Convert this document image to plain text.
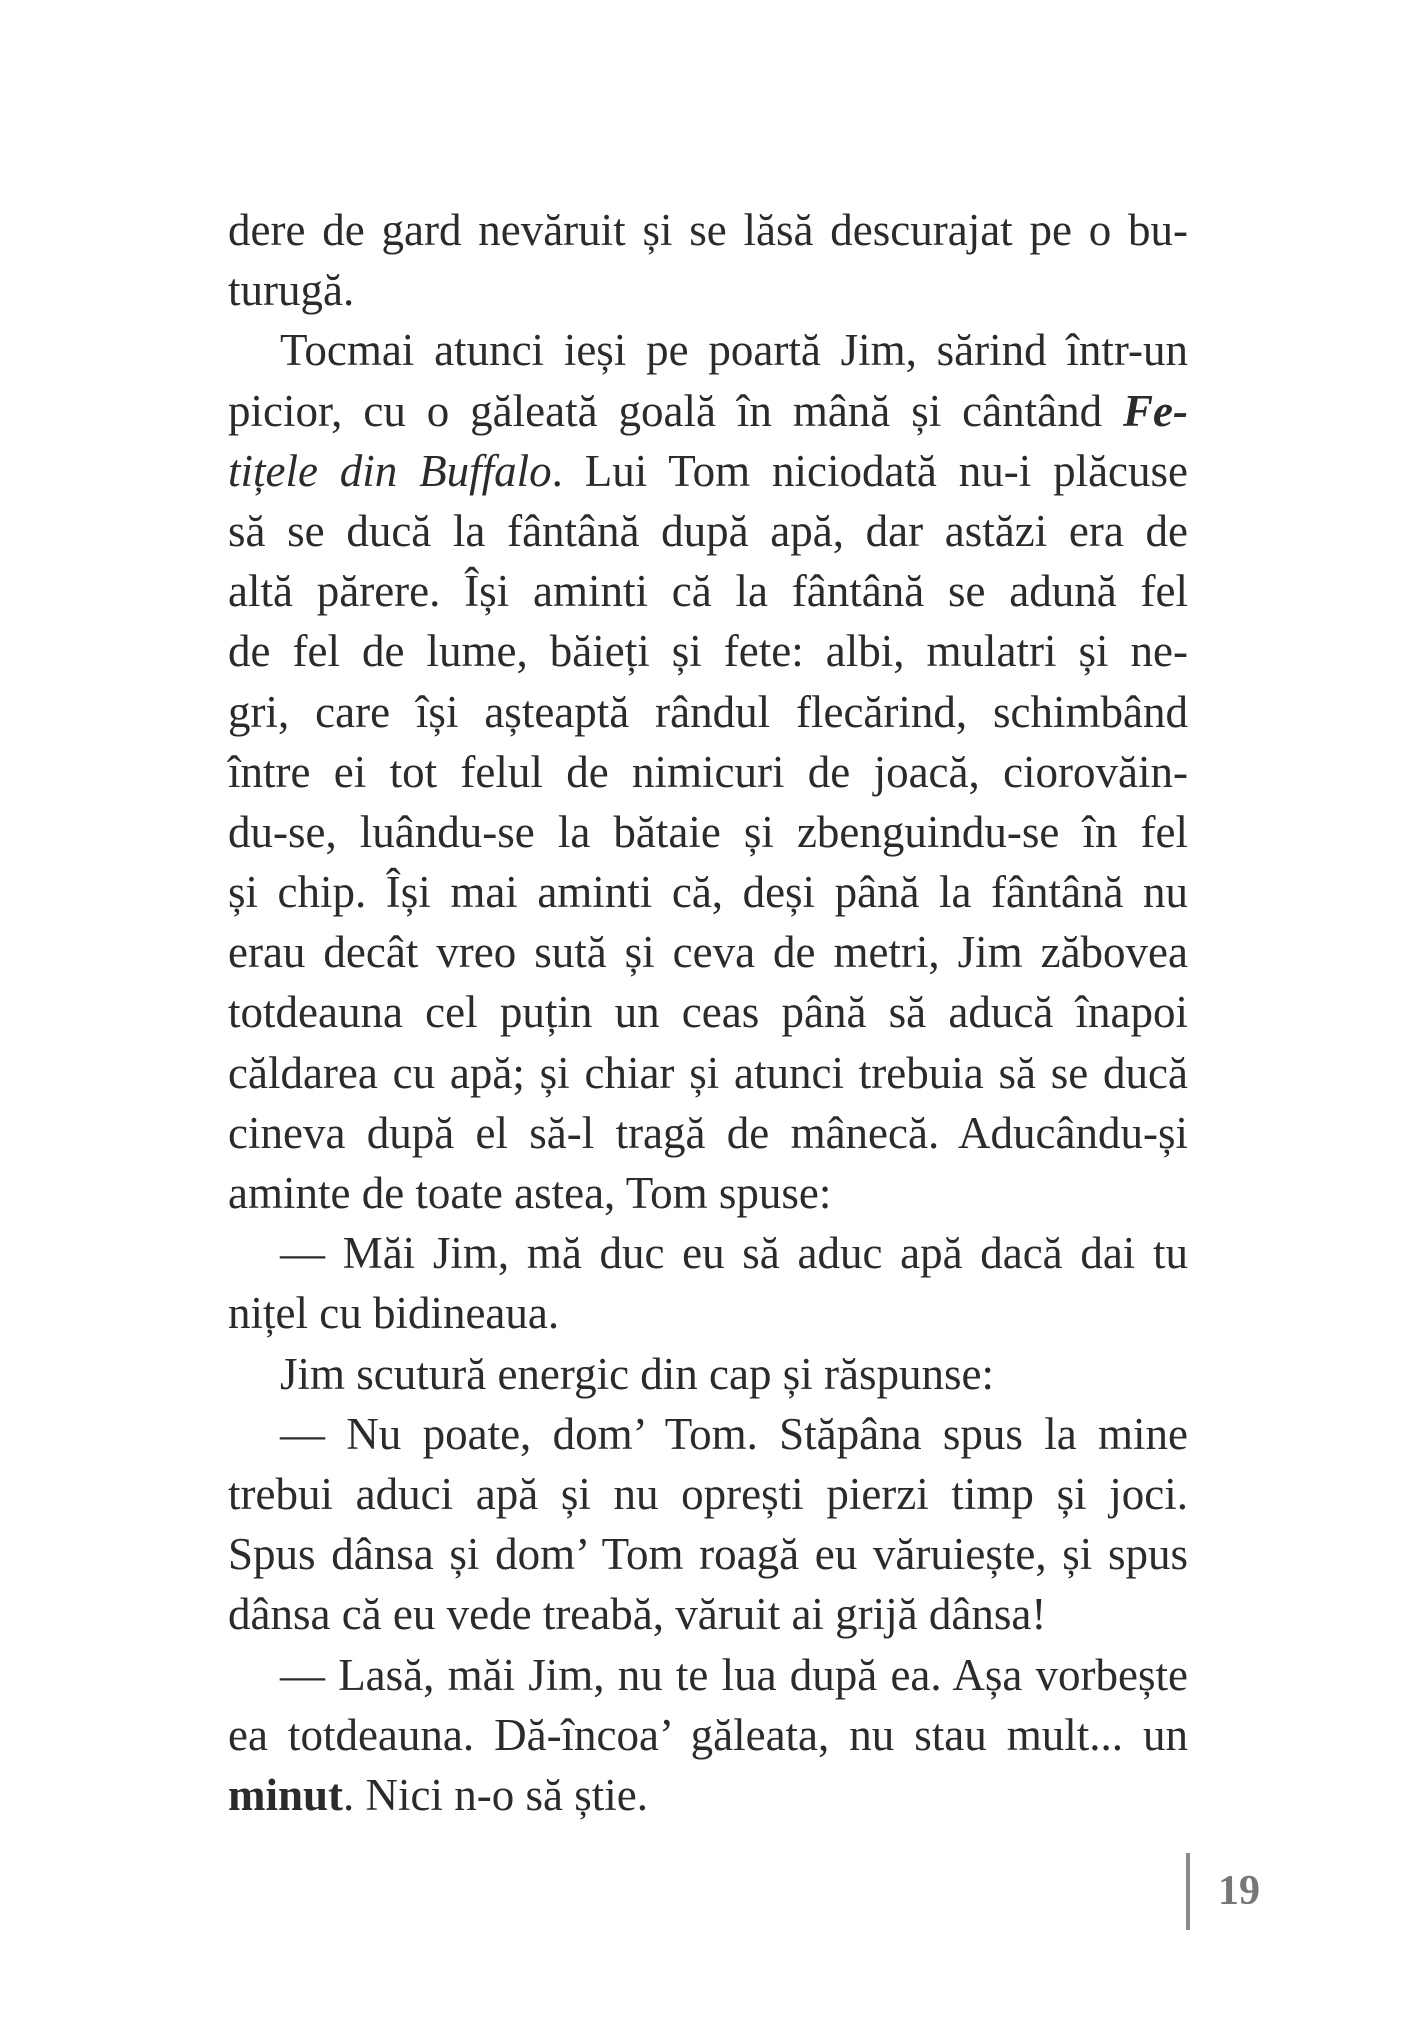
dere de gard nevăruit și se lăsă descurajat pe o bu-
turugă.
Tocmai atunci ieși pe poartă Jim, sărind într-un
picior, cu o găleată goală în mână și cântând Fe-
tițele din Buffalo. Lui Tom niciodată nu-i plăcuse
să se ducă la fântână după apă, dar astăzi era de
altă părere. Își aminti că la fântână se adună fel
de fel de lume, băieți și fete: albi, mulatri și ne-
gri, care își așteaptă rândul flecărind, schimbând
între ei tot felul de nimicuri de joacă, ciorovăin-
du-se, luându-se la bătaie și zbenguindu-se în fel
și chip. Își mai aminti că, deși până la fântână nu
erau decât vreo sută și ceva de metri, Jim zăbovea
totdeauna cel puțin un ceas până să aducă înapoi
căldarea cu apă; și chiar și atunci trebuia să se ducă
cineva după el să-l tragă de mânecă. Aducându-și
aminte de toate astea, Tom spuse:
— Măi Jim, mă duc eu să aduc apă dacă dai tu
nițel cu bidineaua.
Jim scutură energic din cap și răspunse:
— Nu poate, dom’ Tom. Stăpâna spus la mine
trebui aduci apă și nu oprești pierzi timp și joci.
Spus dânsa și dom’ Tom roagă eu văruiește, și spus
dânsa că eu vede treabă, văruit ai grijă dânsa!
— Lasă, măi Jim, nu te lua după ea. Așa vorbește
ea totdeauna. Dă-încoa’ găleata, nu stau mult... un
minut. Nici n-o să știe.
19
